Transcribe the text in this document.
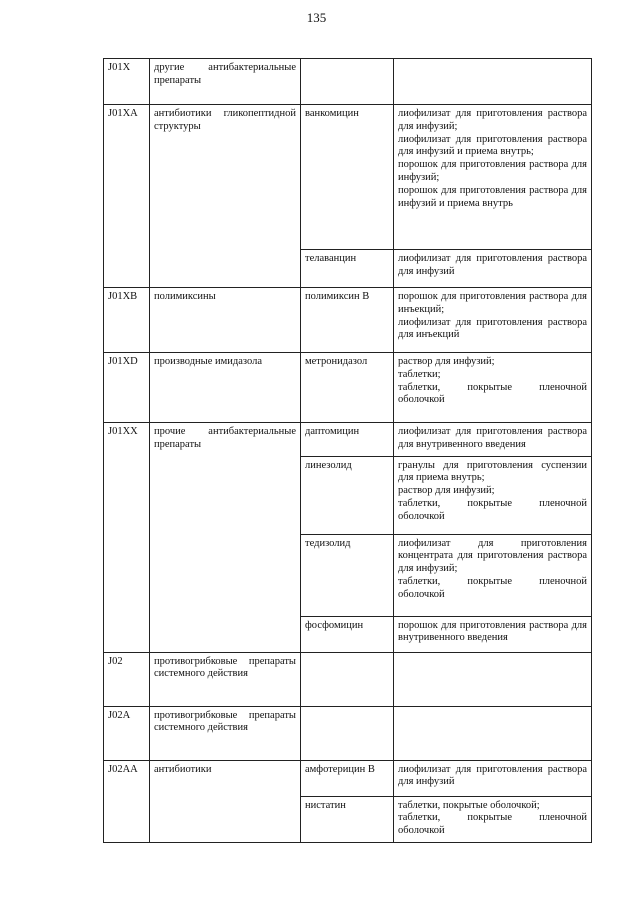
135
J01X	другие антибактериальные препараты		
J01XA	антибиотики гликопептидной структуры	ванкомицин	лиофилизат для приготовления раствора для инфузий;
лиофилизат для приготовления раствора для инфузий и приема внутрь;
порошок для приготовления раствора для инфузий;
порошок для приготовления раствора для инфузий и приема внутрь

		телаванцин	лиофилизат для приготовления раствора для инфузий

J01XB	полимиксины	полимиксин В	порошок для приготовления раствора для инъекций;
лиофилизат для приготовления раствора для инъекций

J01XD	производные имидазола	метронидазол	раствор для инфузий;
таблетки;
таблетки, покрытые пленочной оболочкой

J01XX	прочие антибактериальные препараты	даптомицин	лиофилизат для приготовления раствора для внутривенного введения

		линезолид	гранулы для приготовления суспензии для приема внутрь;
раствор для инфузий;
таблетки, покрытые пленочной оболочкой

		тедизолид	лиофилизат для приготовления концентрата для приготовления раствора для инфузий;
таблетки, покрытые пленочной оболочкой

		фосфомицин	порошок для приготовления раствора для внутривенного введения

J02	противогрибковые препараты системного действия		
J02A	противогрибковые препараты системного действия		
J02AA	антибиотики	амфотерицин В	лиофилизат для приготовления раствора для инфузий

		нистатин	таблетки, покрытые оболочкой;
таблетки, покрытые пленочной оболочкой
